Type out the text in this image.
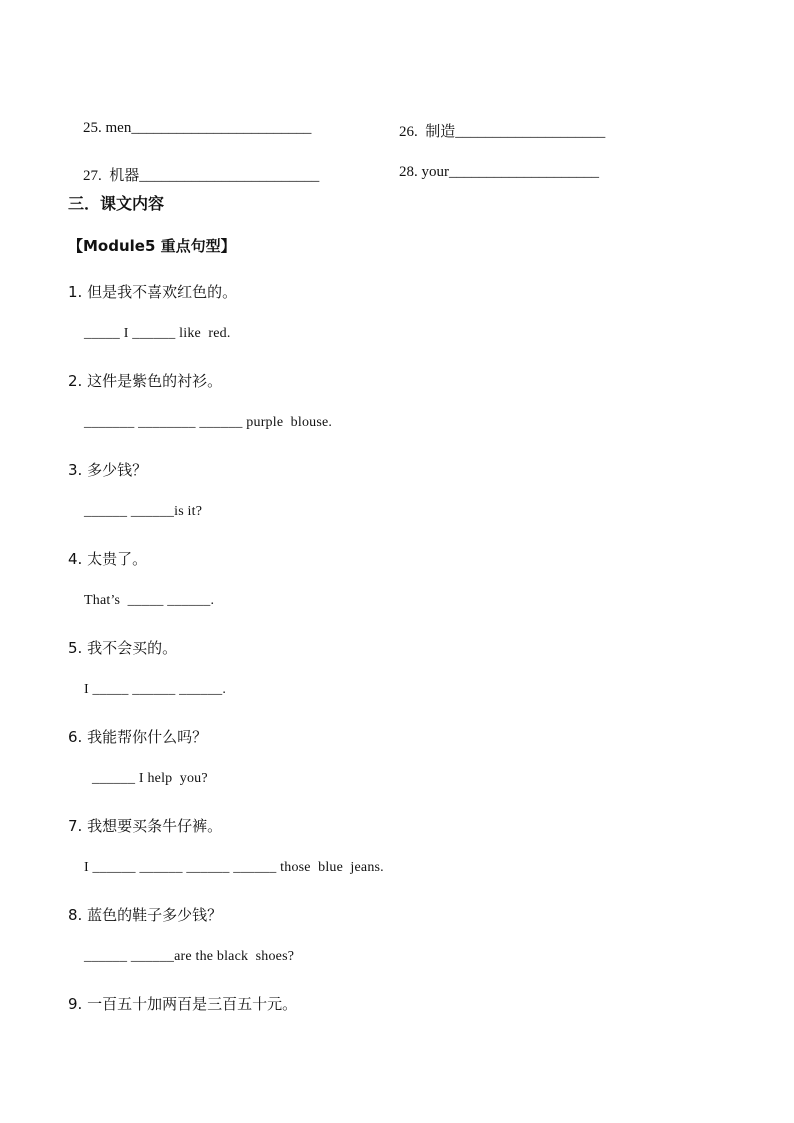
25. men________________________
	26. 制造____________________

27. 机器________________________
	28. your____________________

三．课文内容
【Module5 重点句型】
1. 但是我不喜欢红色的。
_____ I ______ like  red.
2. 这件是紫色的衬衫。
_______ ________ ______ purple  blouse.
3. 多少钱？
______ ______is it?
4. 太贵了。
That’s  _____ ______.
5. 我不会买的。
I _____ ______ ______.
6. 我能帮你什么吗？
______ I help  you?
7. 我想要买条牛仔裤。
I ______ ______ ______ ______ those  blue  jeans.
8. 蓝色的鞋子多少钱？
______ ______are the black  shoes?
9. 一百五十加两百是三百五十元。
